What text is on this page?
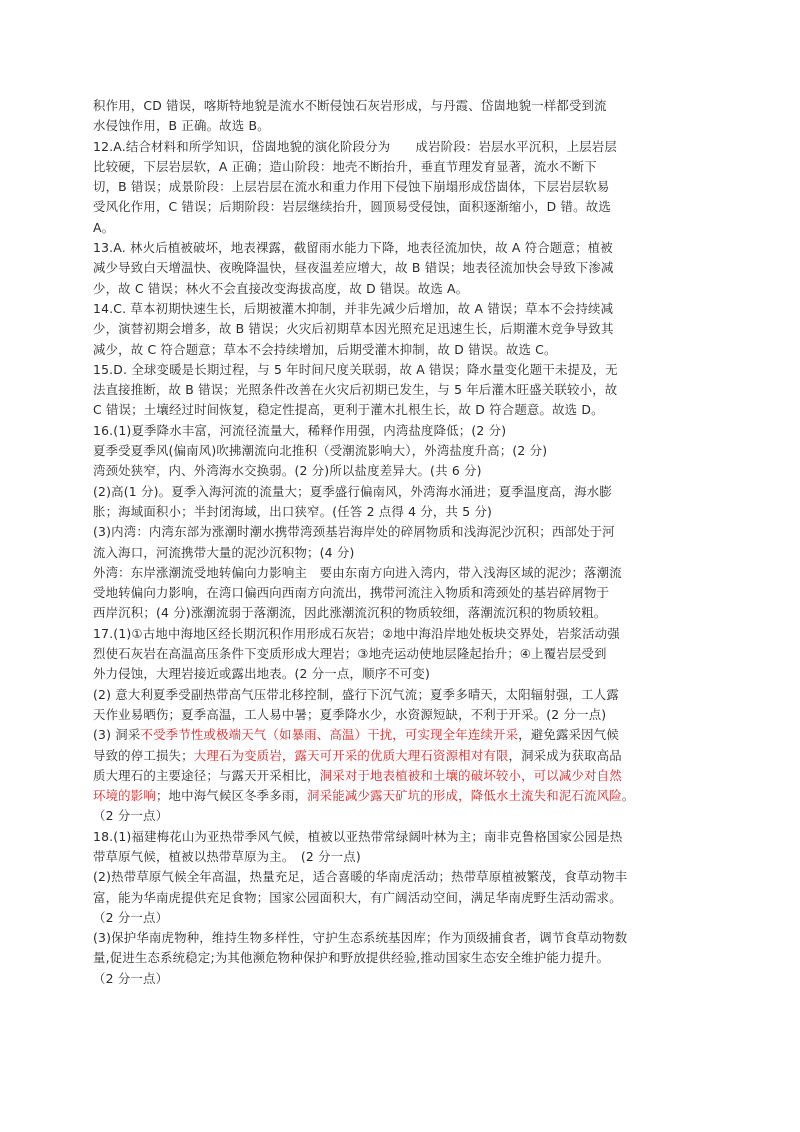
积作用，CD 错误，喀斯特地貌是流水不断侵蚀石灰岩形成，与丹霞、岱崮地貌一样都受到流
水侵蚀作用，B 正确。故选 B。
12.A.结合材料和所学知识，岱崮地貌的演化阶段分为　　成岩阶段：岩层水平沉积，上层岩层
比较硬，下层岩层软，A 正确；造山阶段：地壳不断抬升，垂直节理发育显著，流水不断下
切，B 错误；成景阶段：上层岩层在流水和重力作用下侵蚀下崩塌形成岱崮体，下层岩层软易
受风化作用，C 错误；后期阶段：岩层继续抬升，圆顶易受侵蚀，面积逐渐缩小，D 错。故选
A。
13.A. 林火后植被破坏，地表裸露，截留雨水能力下降，地表径流加快，故 A 符合题意；植被
减少导致白天增温快、夜晚降温快，昼夜温差应增大，故 B 错误；地表径流加快会导致下渗减
少，故 C 错误；林火不会直接改变海拔高度，故 D 错误。故选 A。
14.C. 草本初期快速生长，后期被灌木抑制，并非先减少后增加，故 A 错误；草本不会持续减
少，演替初期会增多，故 B 错误；火灾后初期草本因光照充足迅速生长，后期灌木竞争导致其
减少，故 C 符合题意；草本不会持续增加，后期受灌木抑制，故 D 错误。故选 C。
15.D. 全球变暖是长期过程，与 5 年时间尺度关联弱，故 A 错误；降水量变化题干未提及，无
法直接推断，故 B 错误；光照条件改善在火灾后初期已发生，与 5 年后灌木旺盛关联较小，故
C 错误；土壤经过时间恢复，稳定性提高，更利于灌木扎根生长，故 D 符合题意。故选 D。
16.(1)夏季降水丰富，河流径流量大，稀释作用强，内湾盐度降低；(2 分)
夏季受夏季风(偏南风)吹拂潮流向北推积（受潮流影响大），外湾盐度升高；(2 分)
湾颈处狭窄，内、外湾海水交换弱。(2 分)所以盐度差异大。(共 6 分)
(2)高(1 分)。夏季入海河流的流量大；夏季盛行偏南风，外湾海水涌进；夏季温度高，海水膨
胀；海域面积小；半封闭海域，出口狭窄。(任答 2 点得 4 分，共 5 分)
(3)内湾：内湾东部为涨潮时潮水携带湾颈基岩海岸处的碎屑物质和浅海泥沙沉积；西部处于河
流入海口，河流携带大量的泥沙沉积物；(4 分)
外湾：东岸涨潮流受地转偏向力影响主　要由东南方向进入湾内，带入浅海区域的泥沙；落潮流
受地转偏向力影响，在湾口偏西向西南方向流出，携带河流注入物质和湾颈处的基岩碎屑物于
西岸沉积；(4 分)涨潮流弱于落潮流，因此涨潮流沉积的物质较细，落潮流沉积的物质较粗。
17.(1)①古地中海地区经长期沉积作用形成石灰岩；②地中海沿岸地处板块交界处，岩浆活动强
烈使石灰岩在高温高压条件下变质形成大理岩；③地壳运动使地层隆起抬升；④上覆岩层受到
外力侵蚀，大理岩接近或露出地表。(2 分一点，顺序不可变)
(2) 意大利夏季受副热带高气压带北移控制，盛行下沉气流；夏季多晴天，太阳辐射强，工人露
天作业易晒伤；夏季高温，工人易中暑；夏季降水少，水资源短缺，不利于开采。(2 分一点)
(3) 洞采不受季节性或极端天气（如暴雨、高温）干扰，可实现全年连续开采，避免露采因气候
导致的停工损失；大理石为变质岩，露天可开采的优质大理石资源相对有限，洞采成为获取高品
质大理石的主要途径；与露天开采相比，洞采对于地表植被和土壤的破坏较小，可以减少对自然
环境的影响；地中海气候区冬季多雨，洞采能减少露天矿坑的形成，降低水土流失和泥石流风险。
（2 分一点）
18.(1)福建梅花山为亚热带季风气候，植被以亚热带常绿阔叶林为主；南非克鲁格国家公园是热
带草原气候，植被以热带草原为主。　(2 分一点)
(2)热带草原气候全年高温，热量充足，适合喜暖的华南虎活动；热带草原植被繁茂，食草动物丰
富，能为华南虎提供充足食物；国家公园面积大，有广阔活动空间，满足华南虎野生活动需求。
（2 分一点）
(3)保护华南虎物种，维持生物多样性，守护生态系统基因库；作为顶级捕食者，调节食草动物数
量,促进生态系统稳定;为其他濒危物种保护和野放提供经验,推动国家生态安全维护能力提升。
（2 分一点）
